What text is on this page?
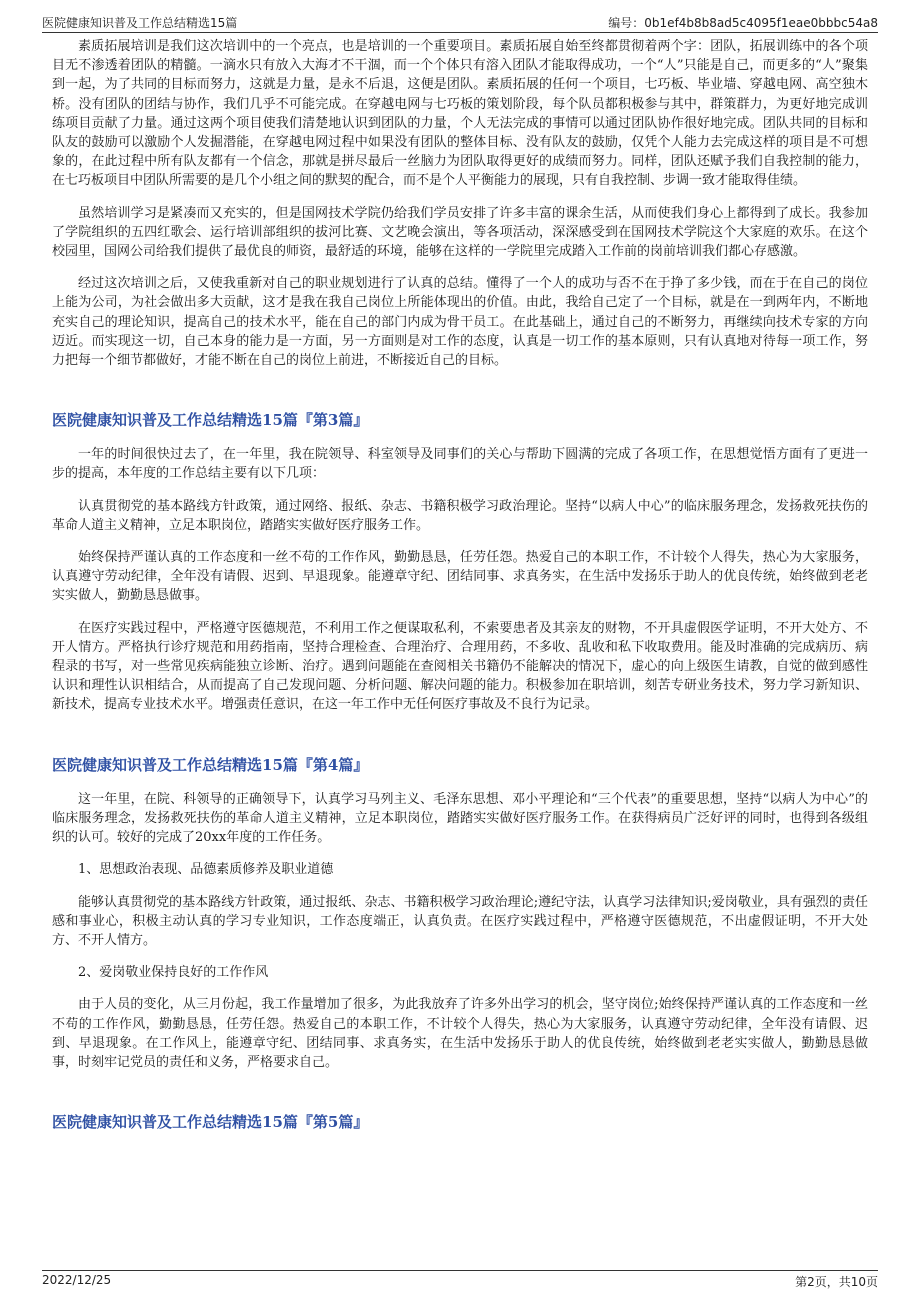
医院健康知识普及工作总结精选15篇	编号：0b1ef4b8b8ad5c4095f1eae0bbbc54a8

素质拓展培训是我们这次培训中的一个亮点，也是培训的一个重要项目。素质拓展自始至终都贯彻着两个字：团队，拓展训练中的各个项目无不渗透着团队的精髓。一滴水只有放入大海才不干涸，而一个个体只有溶入团队才能取得成功，一个“人”只能是自己，而更多的“人”聚集到一起，为了共同的目标而努力，这就是力量，是永不后退，这便是团队。素质拓展的任何一个项目，七巧板、毕业墙、穿越电网、高空独木桥。没有团队的团结与协作，我们几乎不可能完成。在穿越电网与七巧板的策划阶段，每个队员都积极参与其中，群策群力，为更好地完成训练项目贡献了力量。通过这两个项目使我们清楚地认识到团队的力量，个人无法完成的事情可以通过团队协作很好地完成。团队共同的目标和队友的鼓励可以激励个人发掘潜能，在穿越电网过程中如果没有团队的整体目标、没有队友的鼓励，仅凭个人能力去完成这样的项目是不可想象的，在此过程中所有队友都有一个信念，那就是拼尽最后一丝脑力为团队取得更好的成绩而努力。同样，团队还赋予我们自我控制的能力，在七巧板项目中团队所需要的是几个小组之间的默契的配合，而不是个人平衡能力的展现，只有自我控制、步调一致才能取得佳绩。

虽然培训学习是紧凑而又充实的，但是国网技术学院仍给我们学员安排了许多丰富的课余生活，从而使我们身心上都得到了成长。我参加了学院组织的五四红歌会、运行培训部组织的拔河比赛、文艺晚会演出，等各项活动，深深感受到在国网技术学院这个大家庭的欢乐。在这个校园里，国网公司给我们提供了最优良的师资，最舒适的环境，能够在这样的一学院里完成踏入工作前的岗前培训我们都心存感激。

经过这次培训之后，又使我重新对自己的职业规划进行了认真的总结。懂得了一个人的成功与否不在于挣了多少钱，而在于在自己的岗位上能为公司，为社会做出多大贡献，这才是我在我自己岗位上所能体现出的价值。由此，我给自己定了一个目标，就是在一到两年内，不断地充实自己的理论知识，提高自己的技术水平，能在自己的部门内成为骨干员工。在此基础上，通过自己的不断努力，再继续向技术专家的方向迈近。而实现这一切，自己本身的能力是一方面，另一方面则是对工作的态度，认真是一切工作的基本原则，只有认真地对待每一项工作，努力把每一个细节都做好，才能不断在自己的岗位上前进，不断接近自己的目标。

医院健康知识普及工作总结精选15篇『第3篇』

一年的时间很快过去了，在一年里，我在院领导、科室领导及同事们的关心与帮助下圆满的完成了各项工作，在思想觉悟方面有了更进一步的提高，本年度的工作总结主要有以下几项：

认真贯彻党的基本路线方针政策，通过网络、报纸、杂志、书籍积极学习政治理论。坚持“以病人中心”的临床服务理念，发扬救死扶伤的革命人道主义精神，立足本职岗位，踏踏实实做好医疗服务工作。

始终保持严谨认真的工作态度和一丝不苟的工作作风，勤勤恳恳，任劳任怨。热爱自己的本职工作，不计较个人得失，热心为大家服务，认真遵守劳动纪律，全年没有请假、迟到、早退现象。能遵章守纪、团结同事、求真务实，在生活中发扬乐于助人的优良传统，始终做到老老实实做人，勤勤恳恳做事。

在医疗实践过程中，严格遵守医德规范，不利用工作之便谋取私利，不索要患者及其亲友的财物，不开具虚假医学证明，不开大处方、不开人情方。严格执行诊疗规范和用药指南，坚持合理检查、合理治疗、合理用药，不多收、乱收和私下收取费用。能及时准确的完成病历、病程录的书写，对一些常见疾病能独立诊断、治疗。遇到问题能在查阅相关书籍仍不能解决的情况下，虚心的向上级医生请教，自觉的做到感性认识和理性认识相结合，从而提高了自己发现问题、分析问题、解决问题的能力。积极参加在职培训，刻苦专研业务技术，努力学习新知识、新技术，提高专业技术水平。增强责任意识，在这一年工作中无任何医疗事故及不良行为记录。

医院健康知识普及工作总结精选15篇『第4篇』

这一年里，在院、科领导的正确领导下，认真学习马列主义、毛泽东思想、邓小平理论和“三个代表”的重要思想，坚持“以病人为中心”的临床服务理念，发扬救死扶伤的革命人道主义精神，立足本职岗位，踏踏实实做好医疗服务工作。在获得病员广泛好评的同时，也得到各级组织的认可。较好的完成了20xx年度的工作任务。

1、思想政治表现、品德素质修养及职业道德

能够认真贯彻党的基本路线方针政策，通过报纸、杂志、书籍积极学习政治理论;遵纪守法，认真学习法律知识;爱岗敬业，具有强烈的责任感和事业心，积极主动认真的学习专业知识，工作态度端正，认真负责。在医疗实践过程中，严格遵守医德规范，不出虚假证明，不开大处方、不开人情方。

2、爱岗敬业保持良好的工作作风

由于人员的变化，从三月份起，我工作量增加了很多，为此我放弃了许多外出学习的机会，坚守岗位;始终保持严谨认真的工作态度和一丝不苟的工作作风，勤勤恳恳，任劳任怨。热爱自己的本职工作，不计较个人得失，热心为大家服务，认真遵守劳动纪律，全年没有请假、迟到、早退现象。在工作风上，能遵章守纪、团结同事、求真务实，在生活中发扬乐于助人的优良传统，始终做到老老实实做人，勤勤恳恳做事，时刻牢记党员的责任和义务，严格要求自己。

医院健康知识普及工作总结精选15篇『第5篇』
2022/12/25	第2页，共10页
